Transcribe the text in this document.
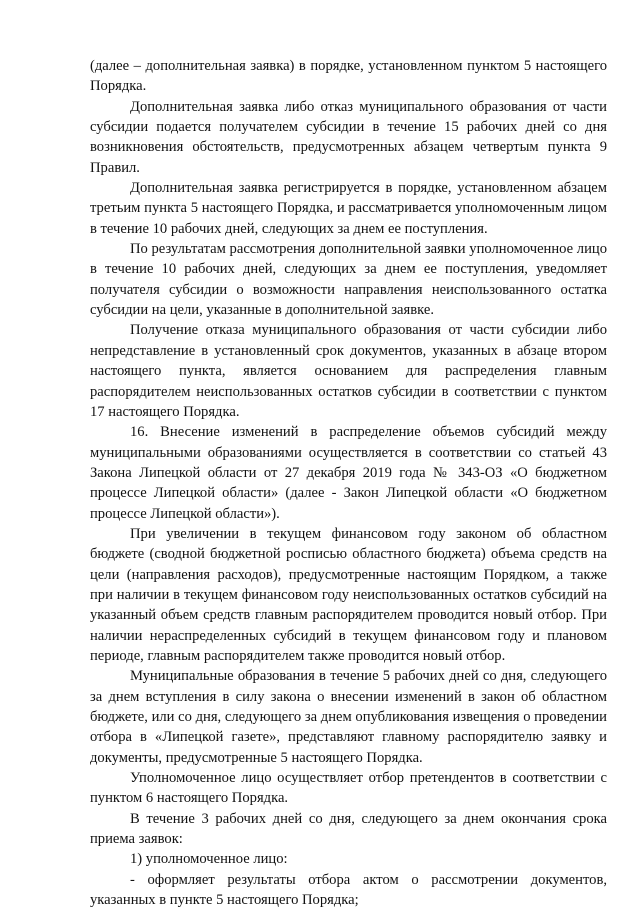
(далее – дополнительная заявка) в порядке, установленном пунктом 5 настоящего Порядка.

Дополнительная заявка либо отказ муниципального образования от части субсидии подается получателем субсидии в течение 15 рабочих дней со дня возникновения обстоятельств, предусмотренных абзацем четвертым пункта 9 Правил.

Дополнительная заявка регистрируется в порядке, установленном абзацем третьим пункта 5 настоящего Порядка, и рассматривается уполномоченным лицом в течение 10 рабочих дней, следующих за днем ее поступления.

По результатам рассмотрения дополнительной заявки уполномоченное лицо в течение 10 рабочих дней, следующих за днем ее поступления, уведомляет получателя субсидии о возможности направления неиспользованного остатка субсидии на цели, указанные в дополнительной заявке.

Получение отказа муниципального образования от части субсидии либо непредставление в установленный срок документов, указанных в абзаце втором настоящего пункта, является основанием для распределения главным распорядителем неиспользованных остатков субсидии в соответствии с пунктом 17 настоящего Порядка.

16. Внесение изменений в распределение объемов субсидий между муниципальными образованиями осуществляется в соответствии со статьей 43 Закона Липецкой области от 27 декабря 2019 года № 343-ОЗ «О бюджетном процессе Липецкой области» (далее - Закон Липецкой области «О бюджетном процессе Липецкой области»).

При увеличении в текущем финансовом году законом об областном бюджете (сводной бюджетной росписью областного бюджета) объема средств на цели (направления расходов), предусмотренные настоящим Порядком, а также при наличии в текущем финансовом году неиспользованных остатков субсидий на указанный объем средств главным распорядителем проводится новый отбор. При наличии нераспределенных субсидий в текущем финансовом году и плановом периоде, главным распорядителем также проводится новый отбор.

Муниципальные образования в течение 5 рабочих дней со дня, следующего за днем вступления в силу закона о внесении изменений в закон об областном бюджете, или со дня, следующего за днем опубликования извещения о проведении отбора в «Липецкой газете», представляют главному распорядителю заявку и документы, предусмотренные 5 настоящего Порядка.

Уполномоченное лицо осуществляет отбор претендентов в соответствии с пунктом 6 настоящего Порядка.

В течение 3 рабочих дней со дня, следующего за днем окончания срока приема заявок:

1) уполномоченное лицо:

- оформляет результаты отбора актом о рассмотрении документов, указанных в пункте 5 настоящего Порядка;
